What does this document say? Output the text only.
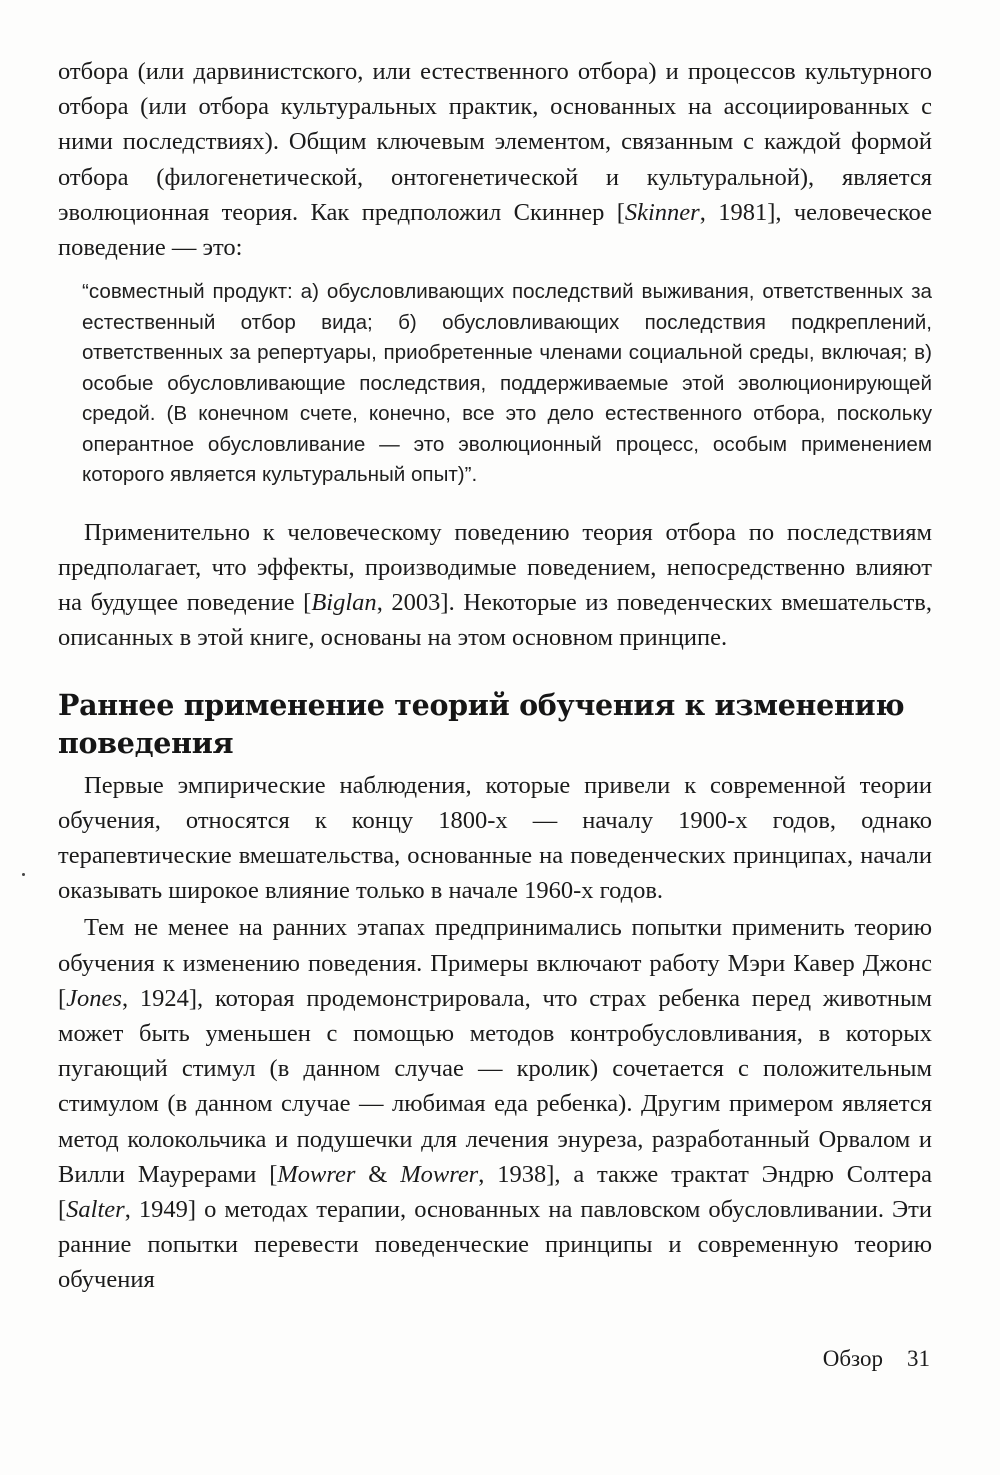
отбора (или дарвинистского, или естественного отбора) и процессов культурного отбора (или отбора культуральных практик, основанных на ассоциированных с ними последствиях). Общим ключевым элементом, связанным с каждой формой отбора (филогенетической, онтогенетической и культуральной), является эволюционная теория. Как предположил Скиннер [Skinner, 1981], человеческое поведение — это:

“совместный продукт: а) обусловливающих последствий выживания, ответственных за естественный отбор вида; б) обусловливающих последствия подкреплений, ответственных за репертуары, приобретенные членами социальной среды, включая; в) особые обусловливающие последствия, поддерживаемые этой эволюционирующей средой. (В конечном счете, конечно, все это дело естественного отбора, поскольку оперантное обусловливание — это эволюционный процесс, особым применением которого является культуральный опыт)”.

Применительно к человеческому поведению теория отбора по последствиям предполагает, что эффекты, производимые поведением, непосредственно влияют на будущее поведение [Biglan, 2003]. Некоторые из поведенческих вмешательств, описанных в этой книге, основаны на этом основном принципе.

Раннее применение теорий обучения к изменению поведения

Первые эмпирические наблюдения, которые привели к современной теории обучения, относятся к концу 1800-х — началу 1900-х годов, однако терапевтические вмешательства, основанные на поведенческих принципах, начали оказывать широкое влияние только в начале 1960-х годов.

Тем не менее на ранних этапах предпринимались попытки применить теорию обучения к изменению поведения. Примеры включают работу Мэри Кавер Джонс [Jones, 1924], которая продемонстрировала, что страх ребенка перед животным может быть уменьшен с помощью методов контробусловливания, в которых пугающий стимул (в данном случае — кролик) сочетается с положительным стимулом (в данном случае — любимая еда ребенка). Другим примером является метод колокольчика и подушечки для лечения энуреза, разработанный Орвалом и Вилли Маурерами [Mowrer & Mowrer, 1938], а также трактат Эндрю Солтера [Salter, 1949] о методах терапии, основанных на павловском обусловливании. Эти ранние попытки перевести поведенческие принципы и современную теорию обучения

Обзор 31
